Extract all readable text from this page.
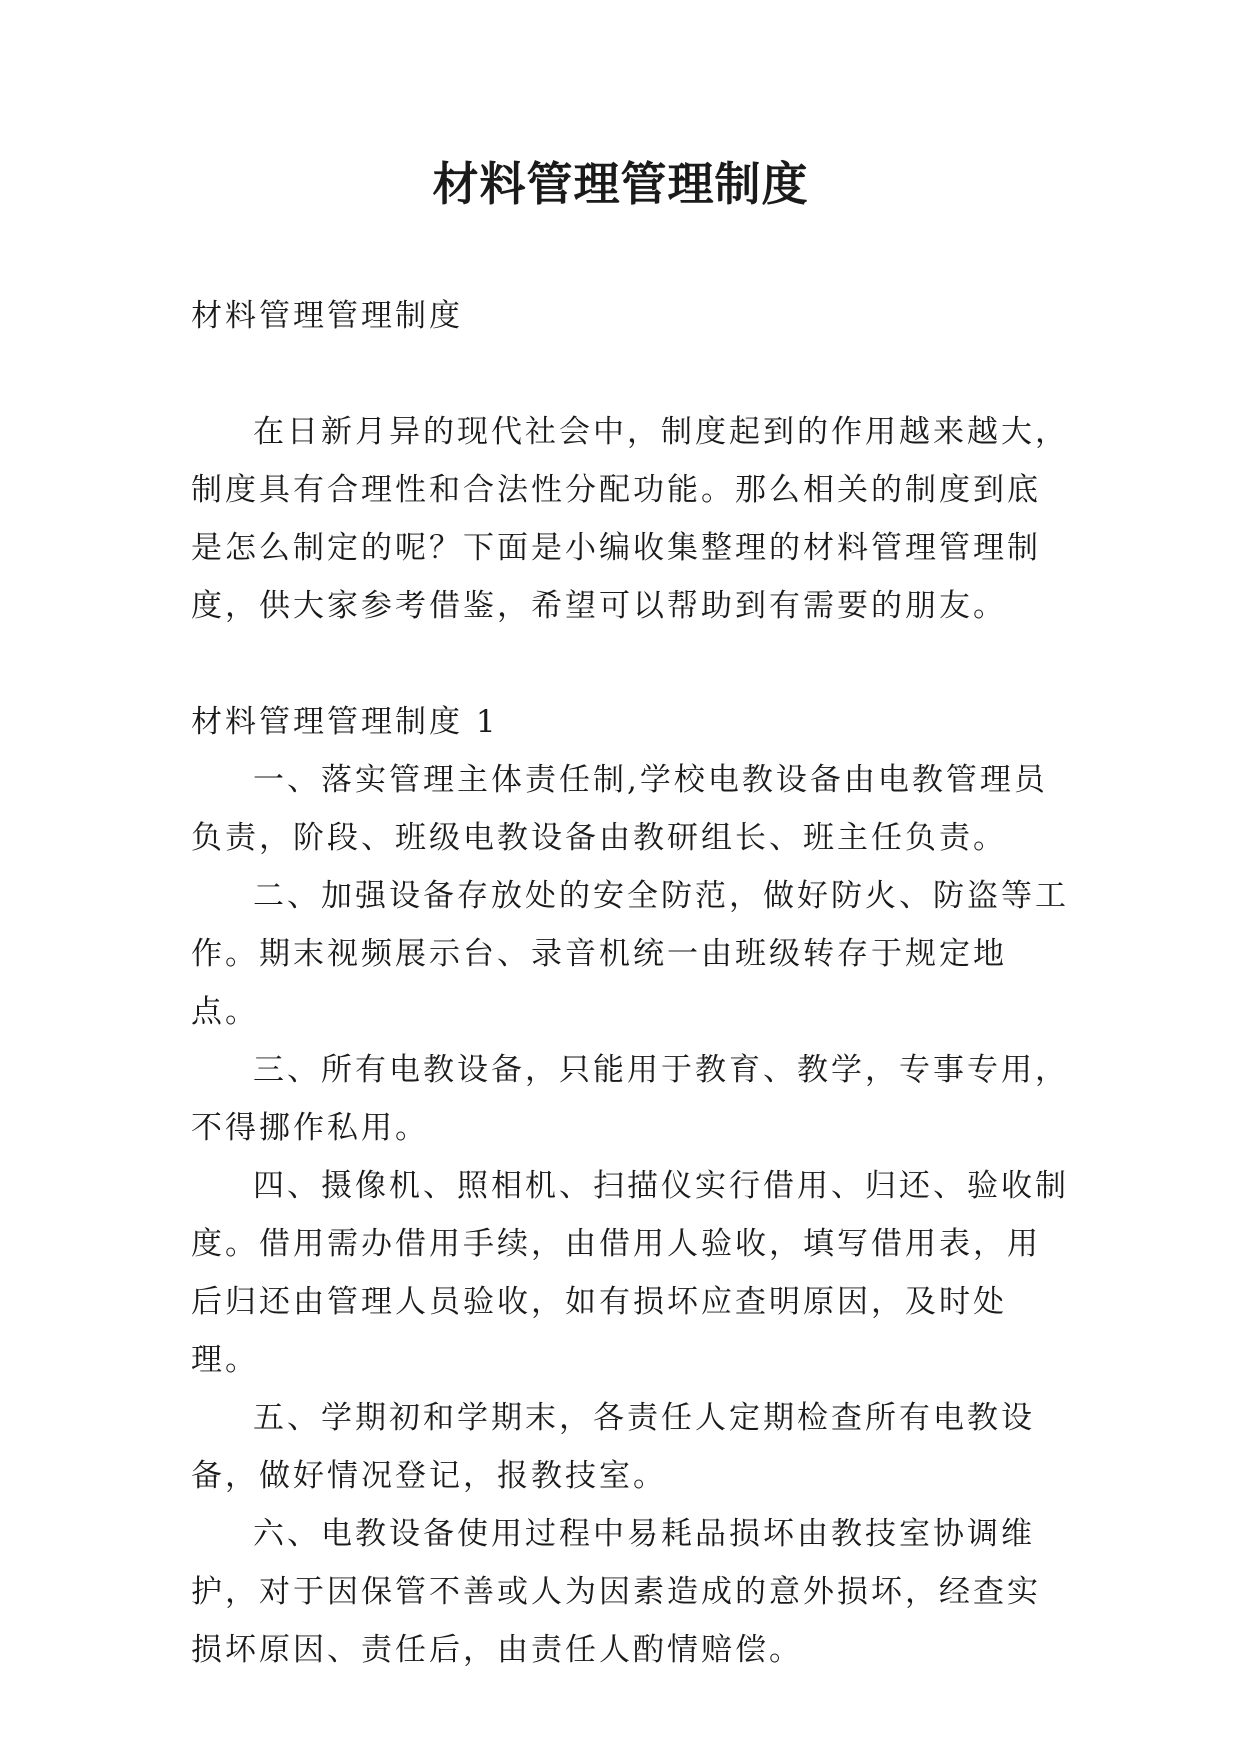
材料管理管理制度

材料管理管理制度

在日新月异的现代社会中，制度起到的作用越来越大，制度具有合理性和合法性分配功能。那么相关的制度到底是怎么制定的呢？下面是小编收集整理的材料管理管理制度，供大家参考借鉴，希望可以帮助到有需要的朋友。

材料管理管理制度 1

一、落实管理主体责任制,学校电教设备由电教管理员负责，阶段、班级电教设备由教研组长、班主任负责。

二、加强设备存放处的安全防范，做好防火、防盗等工作。期末视频展示台、录音机统一由班级转存于规定地点。

三、所有电教设备，只能用于教育、教学，专事专用，不得挪作私用。

四、摄像机、照相机、扫描仪实行借用、归还、验收制度。借用需办借用手续，由借用人验收，填写借用表，用后归还由管理人员验收，如有损坏应查明原因，及时处理。

五、学期初和学期末，各责任人定期检查所有电教设备，做好情况登记，报教技室。

六、电教设备使用过程中易耗品损坏由教技室协调维护，对于因保管不善或人为因素造成的意外损坏，经查实损坏原因、责任后，由责任人酌情赔偿。
